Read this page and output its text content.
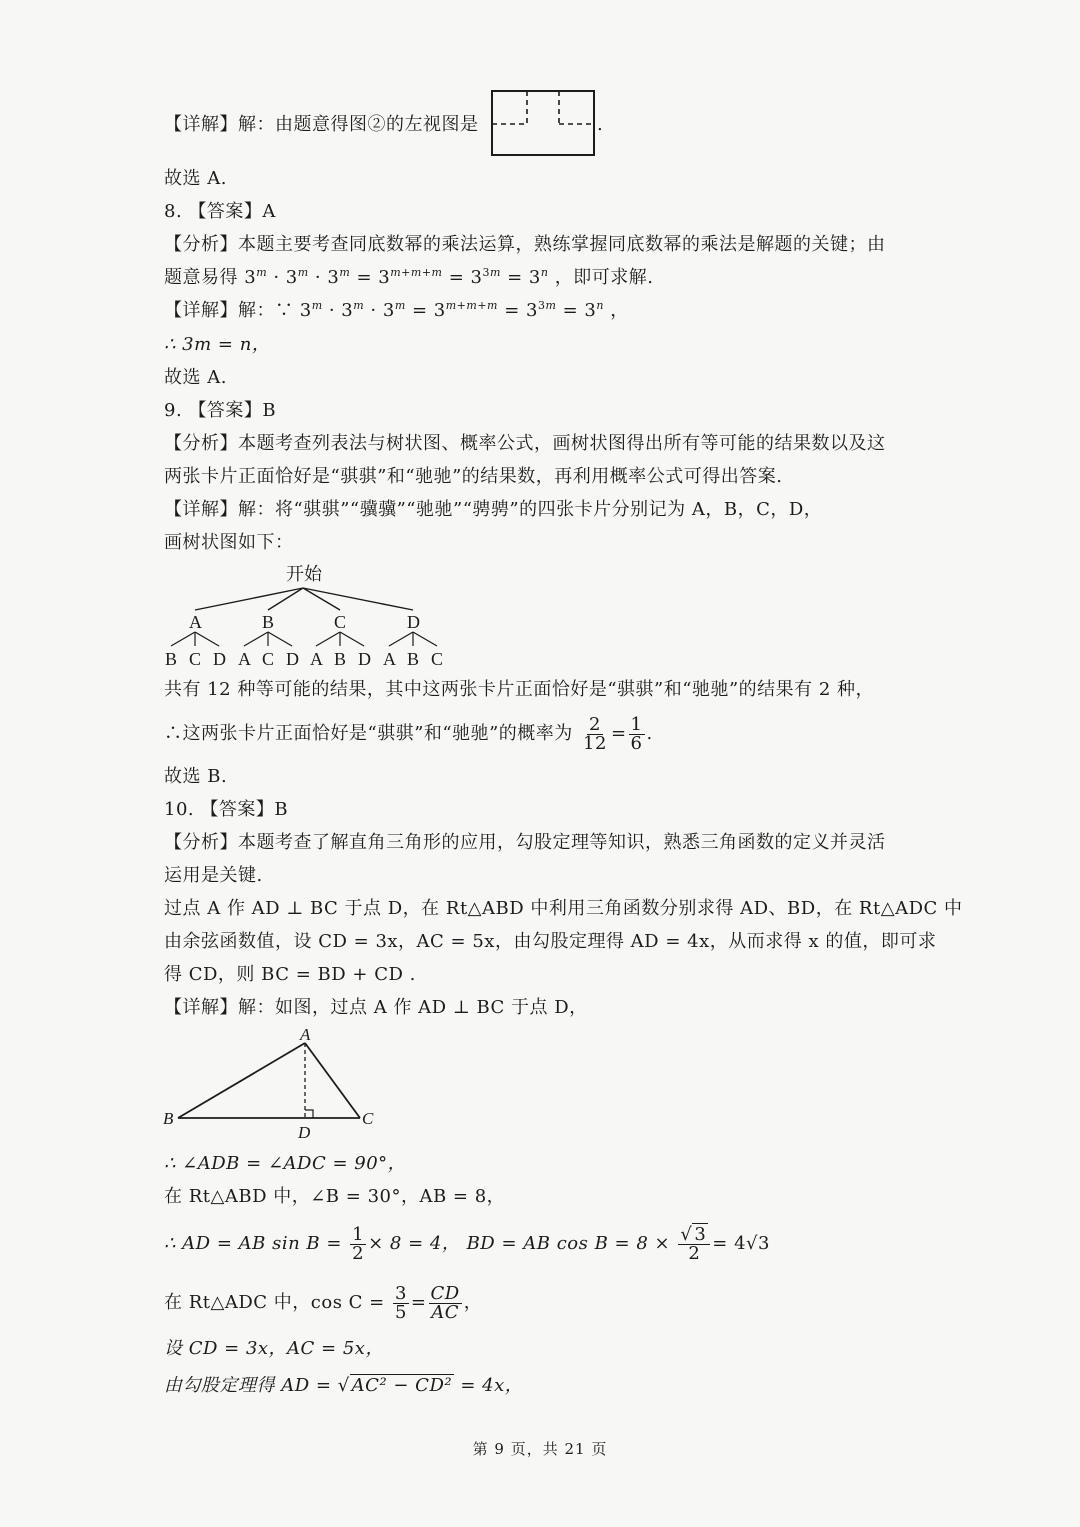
【详解】解：由题意得图②的左视图是	.
故选 A.
8. 【答案】A
【分析】本题主要考查同底数幂的乘法运算，熟练掌握同底数幂的乘法是解题的关键；由
题意易得 $3^m \cdot 3^m \cdot 3^m = 3^{m+m+m} = 3^{3m} = 3^n$ ，即可求解.
【详解】解：∵ $3^m \cdot 3^m \cdot 3^m = 3^{m+m+m} = 3^{3m} = 3^n$ ，
∴ 3m = n，
故选 A.
9. 【答案】B
【分析】本题考查列表法与树状图、概率公式，画树状图得出所有等可能的结果数以及这
两张卡片正面恰好是“骐骐”和“驰驰”的结果数，再利用概率公式可得出答案.
【详解】解：将“骐骐”“骥骥”“驰驰”“骋骋”的四张卡片分别记为 A，B，C，D，
画树状图如下：
开始
A	B	C	D
B C D A C D A B D A B C
共有 12 种等可能的结果，其中这两张卡片正面恰好是“骐骐”和“驰驰”的结果有 2 种，
∴这两张卡片正面恰好是“骐骐”和“驰驰”的概率为 $\frac{2}{12} = \frac{1}{6}$ .
故选 B.
10. 【答案】B
【分析】本题考查了解直角三角形的应用，勾股定理等知识，熟悉三角函数的定义并灵活
运用是关键.
过点 A 作 AD ⊥ BC 于点 D，在 Rt△ABD 中利用三角函数分别求得 AD、BD，在 Rt△ADC 中
由余弦函数值，设 CD = 3x，AC = 5x，由勾股定理得 AD = 4x，从而求得 x 的值，即可求
得 CD，则 BC = BD + CD .
【详解】解：如图，过点 A 作 AD ⊥ BC 于点 D，
A
B	C
D
∴ ∠ADB = ∠ADC = 90°，
在 Rt△ABD 中，∠B = 30°，AB = 8，
∴ AD = AB $\sin B = \frac{1}{2} \times 8 = 4$， BD = AB $\cos B = 8 \times \frac{√ 3}{2} = 4√3$
在 Rt△ADC 中，$\cos C = \frac{3}{5} = \frac{CD}{AC}$ ，
设 CD = 3x，AC = 5x，
由勾股定理得 AD = √ AC² − CD² = 4x，
第 9 页，共 21 页
